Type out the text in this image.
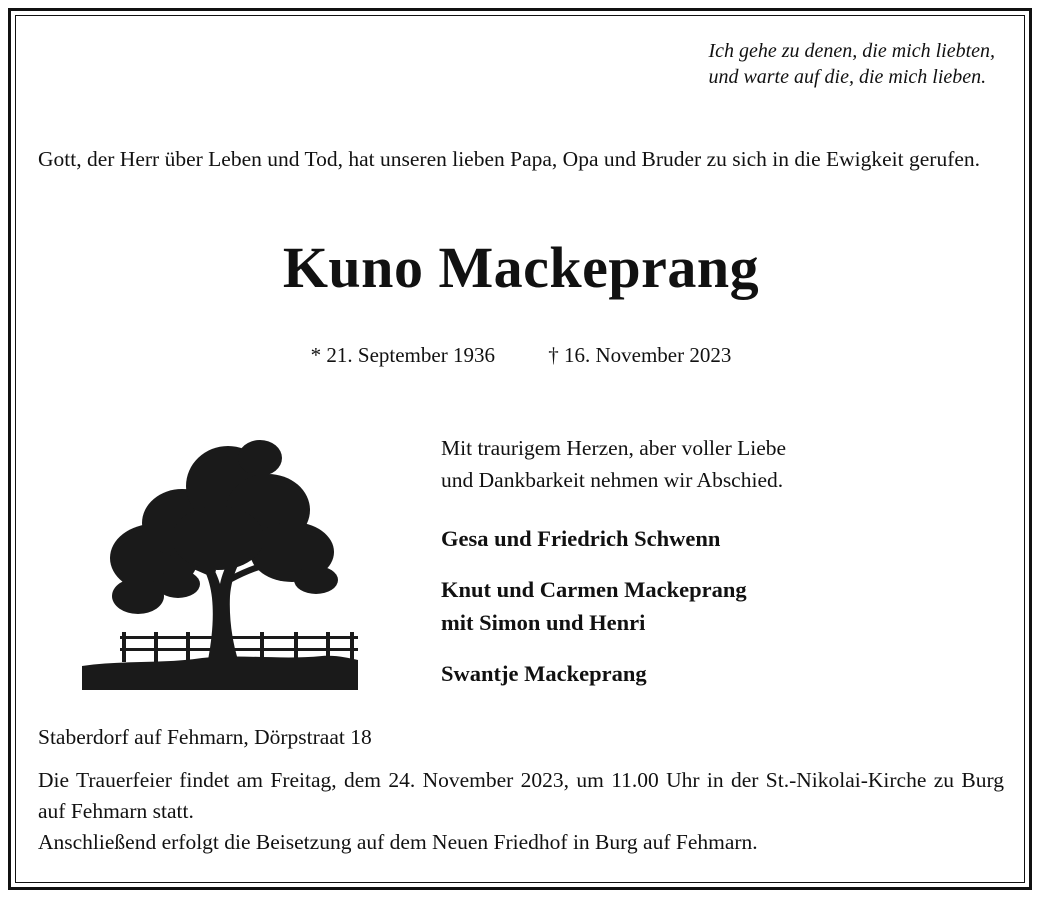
Ich gehe zu denen, die mich liebten,
und warte auf die, die mich lieben.
Gott, der Herr über Leben und Tod, hat unseren lieben Papa, Opa und Bruder zu sich in die Ewigkeit gerufen.
Kuno Mackeprang
* 21. September 1936	† 16. November 2023
Mit traurigem Herzen, aber voller Liebe
und Dankbarkeit nehmen wir Abschied.
Gesa und Friedrich Schwenn
Knut und Carmen Mackeprang
mit Simon und Henri
Swantje Mackeprang
Staberdorf auf Fehmarn, Dörpstraat 18
Die Trauerfeier findet am Freitag, dem 24. November 2023, um 11.00 Uhr in der St.-Nikolai-Kirche zu Burg auf Fehmarn statt.
Anschließend erfolgt die Beisetzung auf dem Neuen Friedhof in Burg auf Fehmarn.
